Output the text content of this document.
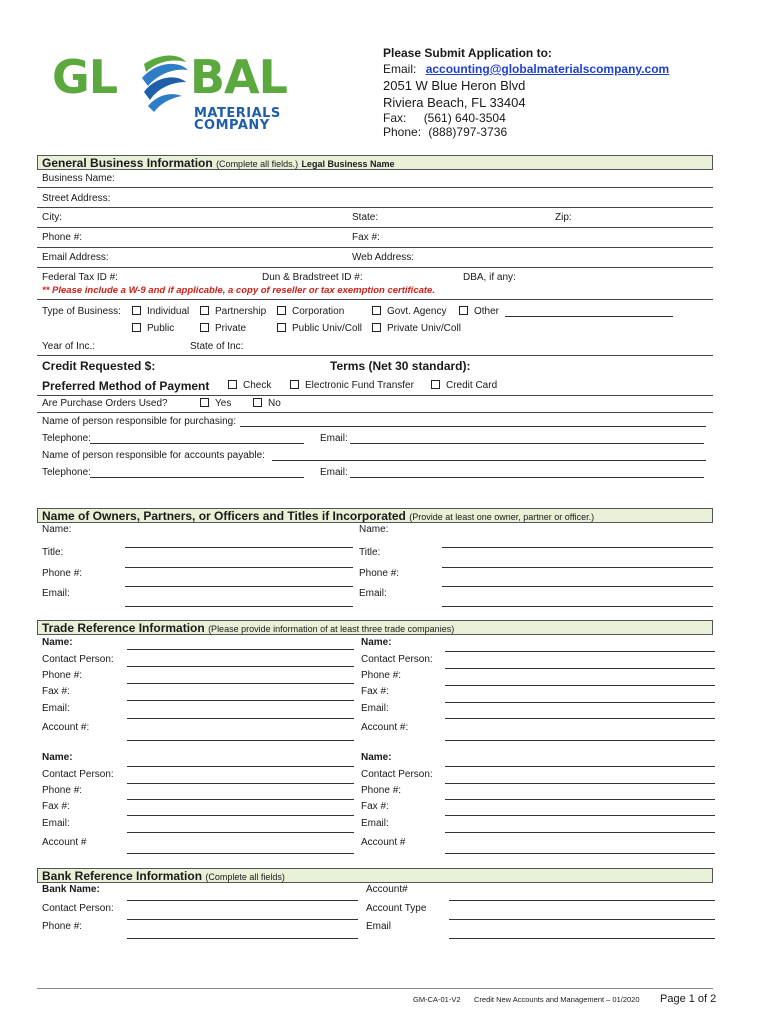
GL BAL
MATERIALS
COMPANY
Please Submit Application to:
Email: accounting@globalmaterialscompany.com
2051 W Blue Heron Blvd
Riviera Beach, FL 33404
Fax: (561) 640-3504
Phone: (888)797-3736
General Business Information (Complete all fields.) Legal Business Name
Business Name:
Street Address:
City:	State:	Zip:
Phone #:	Fax #:
Email Address:	Web Address:
Federal Tax ID #:	Dun & Bradstreet ID #:	DBA, if any:
** Please include a W-9 and if applicable, a copy of reseller or tax exemption certificate.
Type of Business:	Individual	Partnership	Corporation	Govt. Agency	Other
Public	Private	Public Univ/Coll	Private Univ/Coll
Year of Inc.:	State of Inc:
Credit Requested $:	Terms (Net 30 standard):
Preferred Method of Payment	Check	Electronic Fund Transfer	Credit Card
Are Purchase Orders Used?	Yes	No
Name of person responsible for purchasing:
Telephone:	Email:
Name of person responsible for accounts payable:
Telephone:	Email:
Name of Owners, Partners, or Officers and Titles if Incorporated (Provide at least one owner, partner or officer.)
Name:	Name:
Title:	Title:
Phone #:	Phone #:
Email:	Email:
Trade Reference Information (Please provide information of at least three trade companies)
Name:	Name:
Contact Person:	Contact Person:
Phone #:	Phone #:
Fax #:	Fax #:
Email:	Email:
Account #:	Account #:
Name:	Name:
Contact Person:	Contact Person:
Phone #:	Phone #:
Fax #:	Fax #:
Email:	Email:
Account #	Account #
Bank Reference Information (Complete all fields)
Bank Name:	Account#
Contact Person:	Account Type
Phone #:	Email
GM-CA-01-V2 Credit New Accounts and Management – 01/2020 Page 1 of 2
